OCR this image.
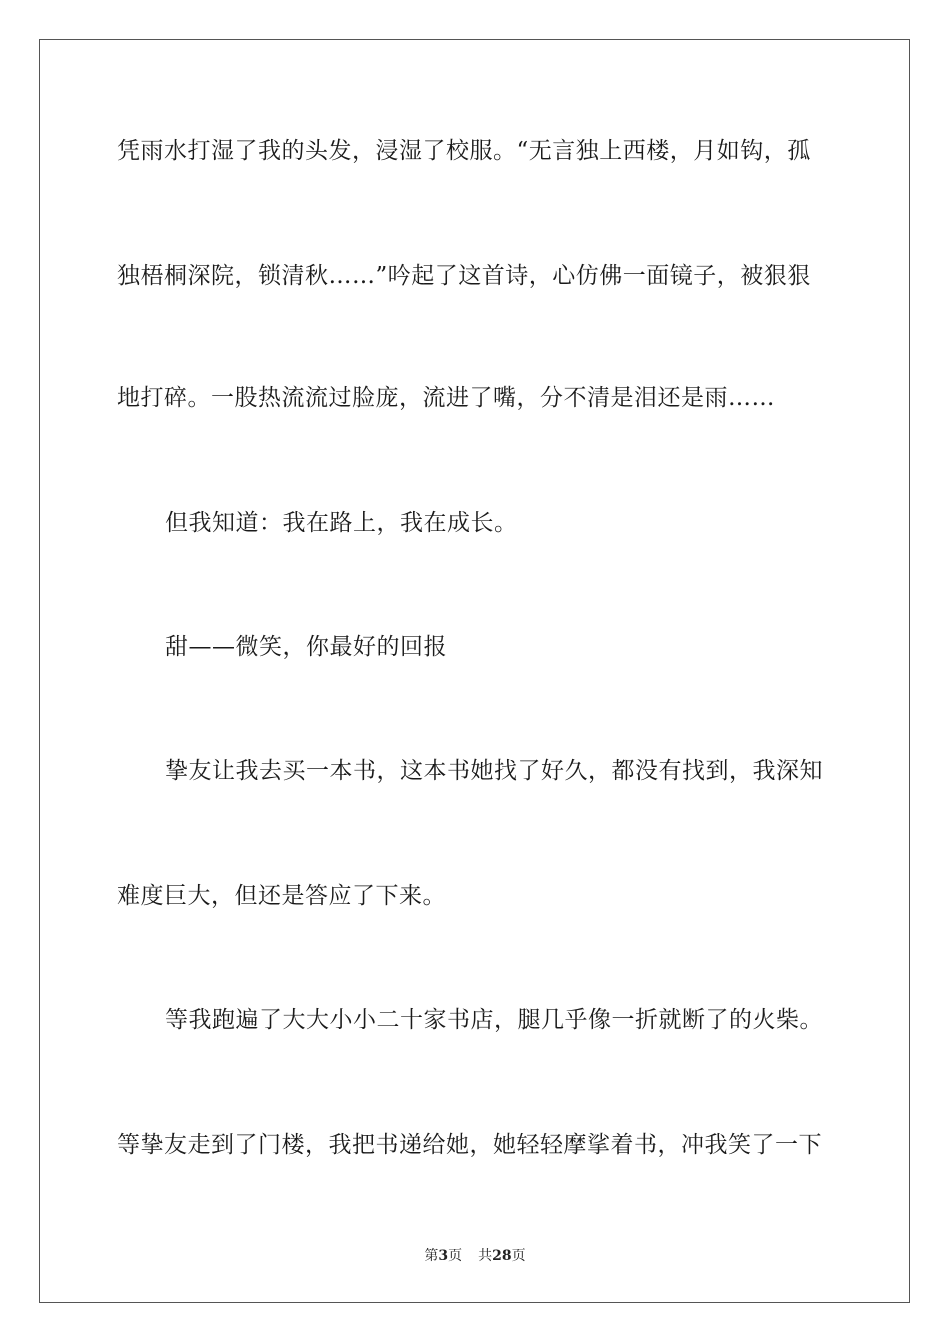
凭雨水打湿了我的头发，浸湿了校服。“无言独上西楼，月如钩，孤
独梧桐深院，锁清秋……”吟起了这首诗，心仿佛一面镜子，被狠狠
地打碎。一股热流流过脸庞，流进了嘴，分不清是泪还是雨……
但我知道：我在路上，我在成长。
甜——微笑，你最好的回报
挚友让我去买一本书，这本书她找了好久，都没有找到，我深知
难度巨大，但还是答应了下来。
等我跑遍了大大小小二十家书店，腿几乎像一折就断了的火柴。
等挚友走到了门楼，我把书递给她，她轻轻摩挲着书，冲我笑了一下
第3页 共28页
